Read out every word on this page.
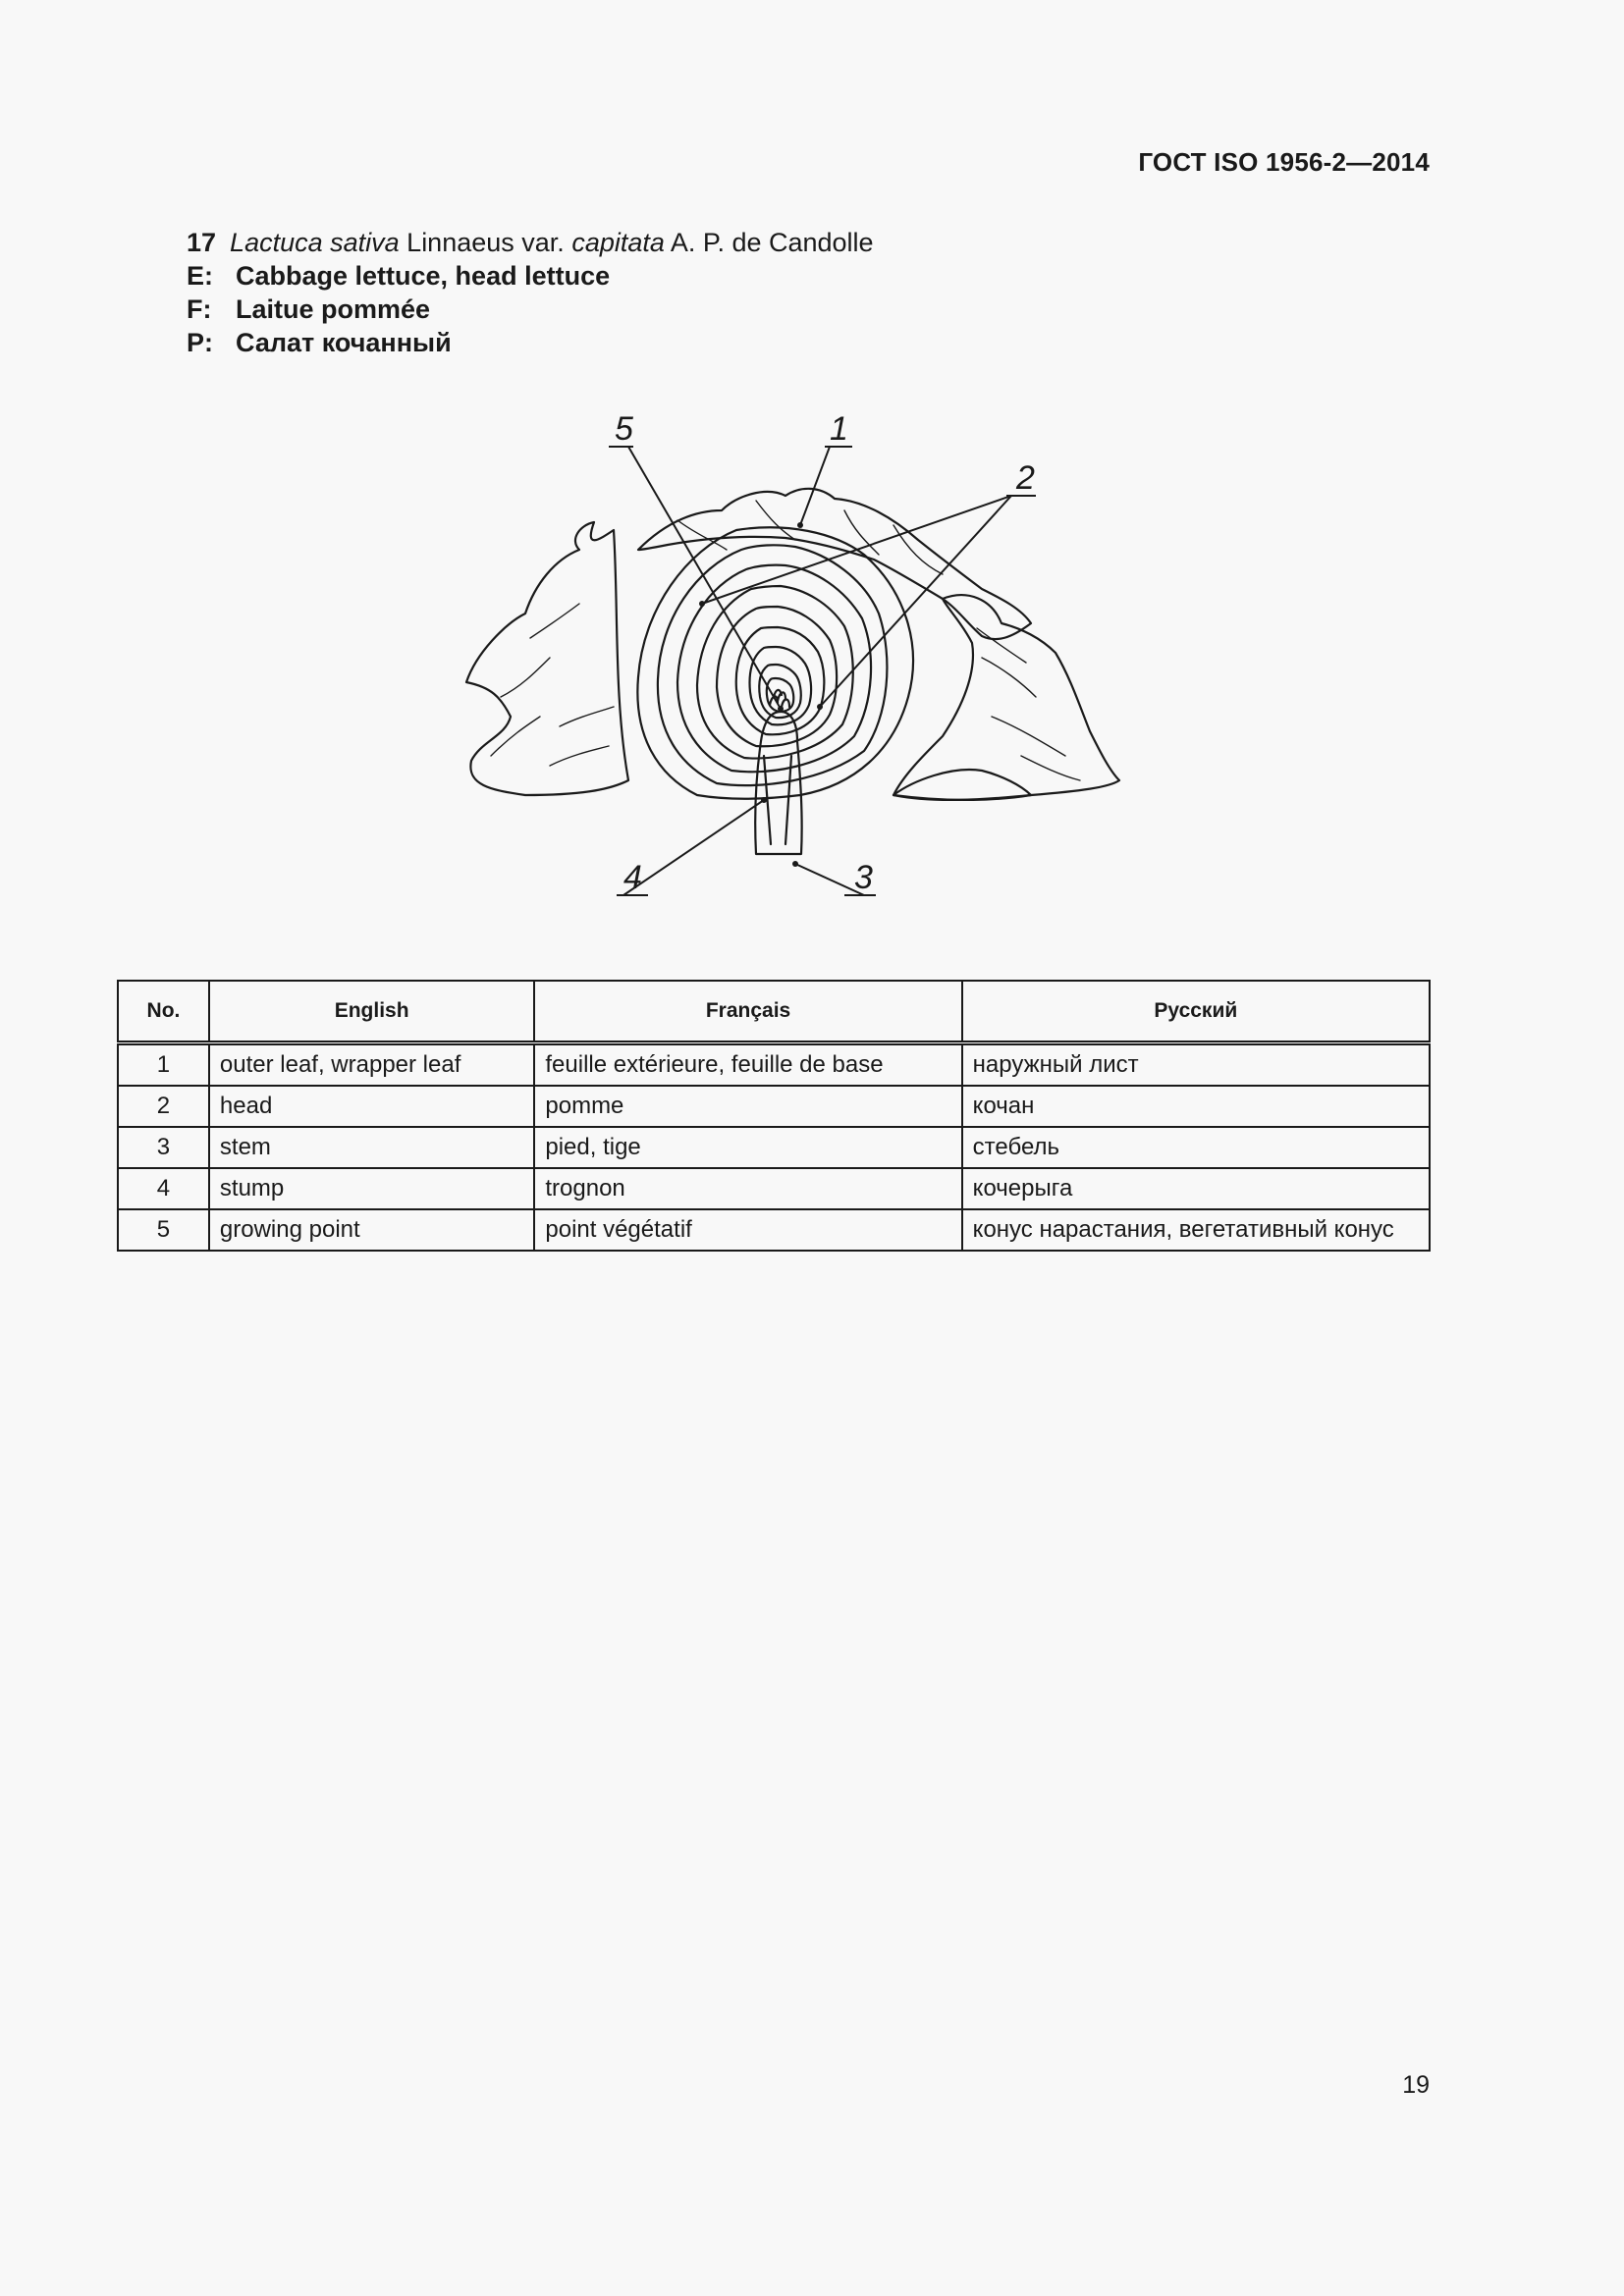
ГОСТ ISO 1956-2—2014
17 Lactuca sativa Linnaeus var. capitata A. P. de Candolle
E: Cabbage lettuce, head lettuce
F: Laitue pommée
P: Салат кочанный
5	1
2
3
4
No.	English	Français	Русский
1	outer leaf, wrapper leaf	feuille extérieure, feuille de base	наружный лист
2	head	pomme	кочан
3	stem	pied, tige	стебель
4	stump	trognon	кочерыга
5	growing point	point végétatif	конус нарастания, вегетативный конус
19
